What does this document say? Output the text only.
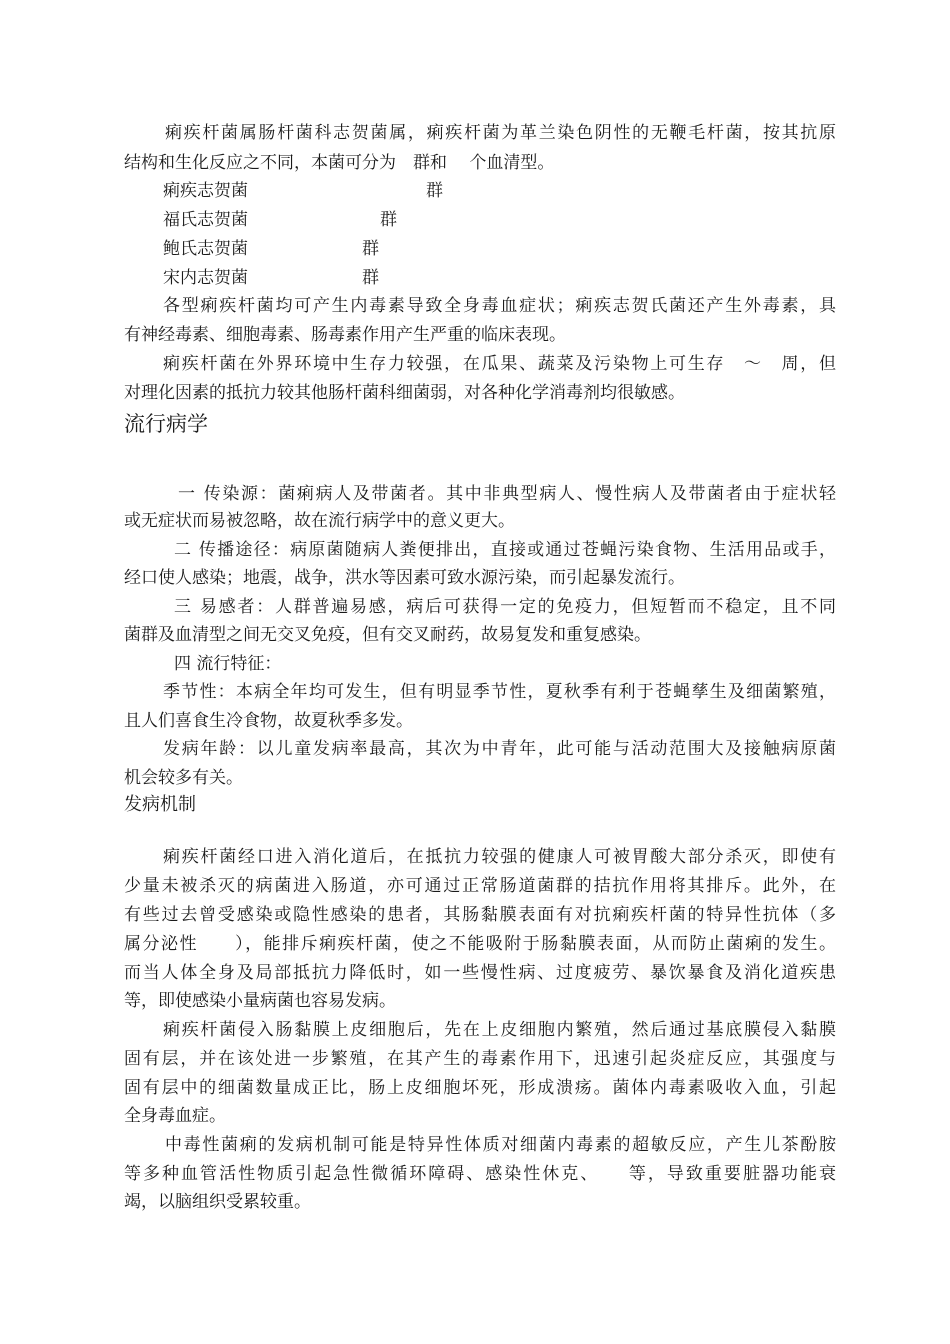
痢疾杆菌属肠杆菌科志贺菌属，痢疾杆菌为革兰染色阴性的无鞭毛杆菌，按其抗原
结构和生化反应之不同，本菌可分为　群和　 个血清型。
痢疾志贺菌	群
福氏志贺菌	群
鲍氏志贺菌	群
宋内志贺菌	群
各型痢疾杆菌均可产生内毒素导致全身毒血症状；痢疾志贺氏菌还产生外毒素，具
有神经毒素、细胞毒素、肠毒素作用产生严重的临床表现。
痢疾杆菌在外界环境中生存力较强，在瓜果、蔬菜及污染物上可生存　～　周，但
对理化因素的抵抗力较其他肠杆菌科细菌弱，对各种化学消毒剂均很敏感。
流行病学
一 传染源：菌痢病人及带菌者。其中非典型病人、慢性病人及带菌者由于症状轻
或无症状而易被忽略，故在流行病学中的意义更大。
二 传播途径：病原菌随病人粪便排出，直接或通过苍蝇污染食物、生活用品或手，
经口使人感染；地震，战争，洪水等因素可致水源污染，而引起暴发流行。
三 易感者：人群普遍易感，病后可获得一定的免疫力，但短暂而不稳定，且不同
菌群及血清型之间无交叉免疫，但有交叉耐药，故易复发和重复感染。
四 流行特征：
季节性：本病全年均可发生，但有明显季节性，夏秋季有利于苍蝇孳生及细菌繁殖，
且人们喜食生冷食物，故夏秋季多发。
发病年龄：以儿童发病率最高，其次为中青年，此可能与活动范围大及接触病原菌
机会较多有关。
发病机制
痢疾杆菌经口进入消化道后，在抵抗力较强的健康人可被胃酸大部分杀灭，即使有
少量未被杀灭的病菌进入肠道，亦可通过正常肠道菌群的拮抗作用将其排斥。此外，在
有些过去曾受感染或隐性感染的患者，其肠黏膜表面有对抗痢疾杆菌的特异性抗体（多
属分泌性　　），能排斥痢疾杆菌，使之不能吸附于肠黏膜表面，从而防止菌痢的发生。
而当人体全身及局部抵抗力降低时，如一些慢性病、过度疲劳、暴饮暴食及消化道疾患
等，即使感染小量病菌也容易发病。
痢疾杆菌侵入肠黏膜上皮细胞后，先在上皮细胞内繁殖，然后通过基底膜侵入黏膜
固有层，并在该处进一步繁殖，在其产生的毒素作用下，迅速引起炎症反应，其强度与
固有层中的细菌数量成正比，肠上皮细胞坏死，形成溃疡。菌体内毒素吸收入血，引起
全身毒血症。
中毒性菌痢的发病机制可能是特异性体质对细菌内毒素的超敏反应，产生儿茶酚胺
等多种血管活性物质引起急性微循环障碍、感染性休克、　　等，导致重要脏器功能衰
竭，以脑组织受累较重。
